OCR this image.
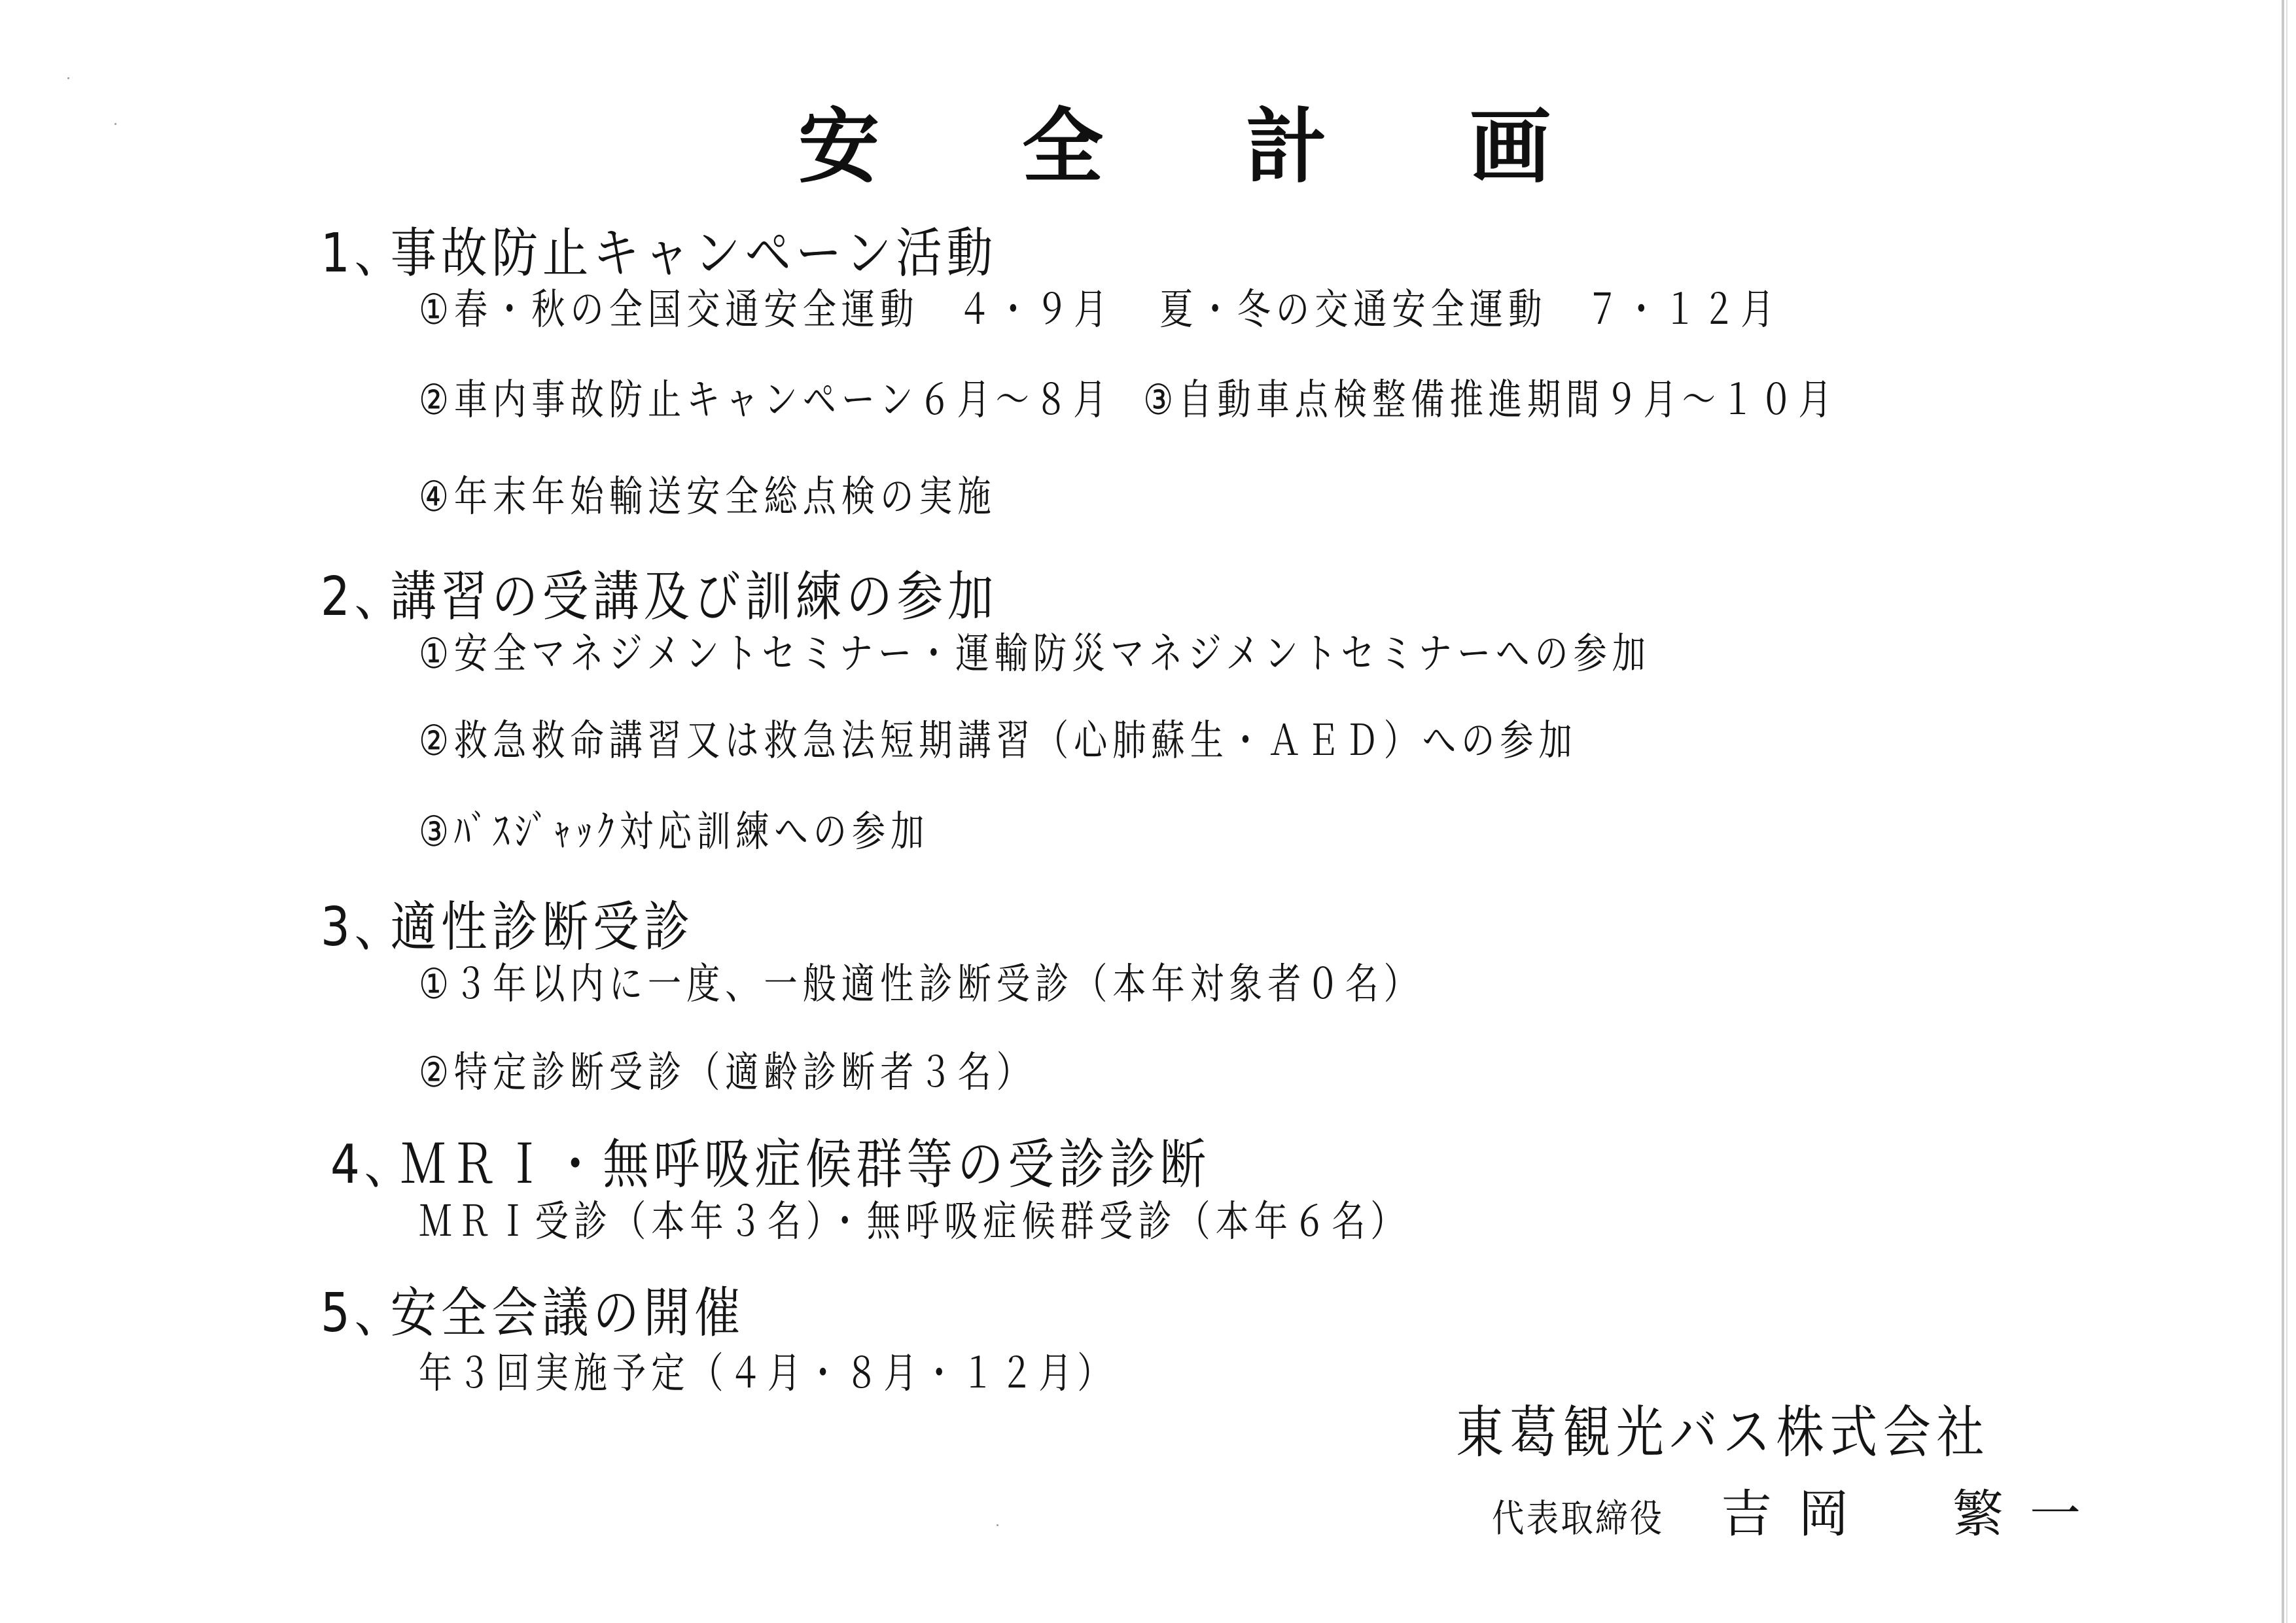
安全計画
1、事故防止キャンペーン活動
①春・秋の全国交通安全運動　４・９月 夏・冬の交通安全運動　７・１２月
②車内事故防止キャンペーン６月～８月 ③自動車点検整備推進期間９月～１０月
④年末年始輸送安全総点検の実施
2、講習の受講及び訓練の参加
①安全マネジメントセミナー・運輸防災マネジメントセミナーへの参加
②救急救命講習又は救急法短期講習（心肺蘇生・ＡＥＤ）への参加
③ﾊﾞｽｼﾞｬｯｸ対応訓練への参加
3、適性診断受診
①３年以内に一度、一般適性診断受診（本年対象者０名）
②特定診断受診（適齢診断者３名）
4、ＭＲＩ・無呼吸症候群等の受診診断
ＭＲＩ受診（本年３名）・無呼吸症候群受診（本年６名）
5、安全会議の開催
年３回実施予定（４月・８月・１２月）
東葛観光バス株式会社
代表取締役 吉岡　繁一
